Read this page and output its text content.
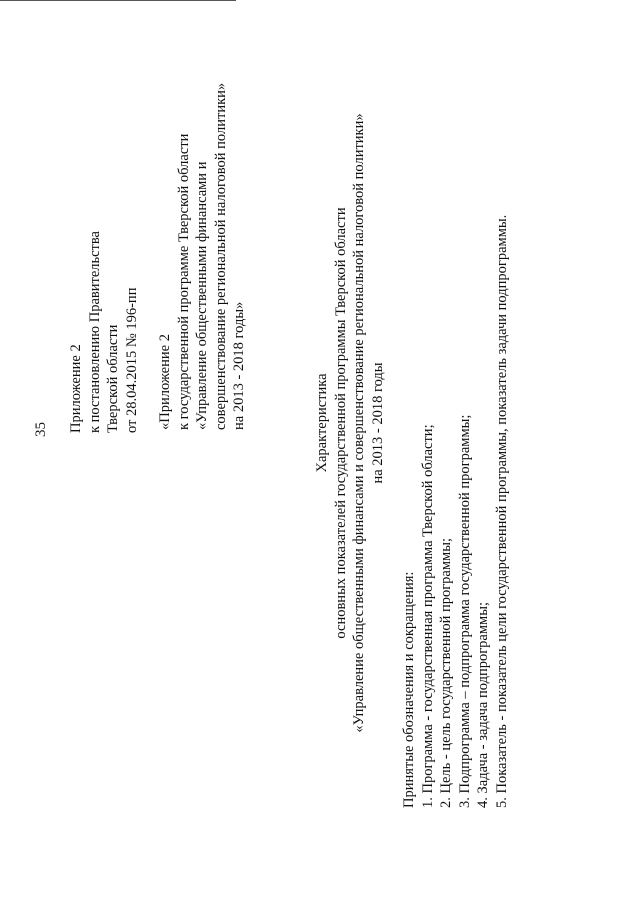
35 Приложение 2 к постановлению Правительства Тверской области от 28.04.2015 № 196-пп «Приложение 2 к государственной программе Тверской области «Управление общественными финансами и совершенствование региональной налоговой политики» на 2013 - 2018 годы»	Характеристика основных показателей государственной программы Тверской области «Управление общественными финансами и совершенствование региональной налоговой политики» на 2013 - 2018 годы
Принятые обозначения и сокращения: 1. Программа - государственная программа Тверской области; 2. Цель - цель государственной программы; 3. Подпрограмма – подпрограмма государственной программы; 4. Задача - задача подпрограммы; 5. Показатель - показатель цели государственной программы, показатель задачи подпрограммы.
